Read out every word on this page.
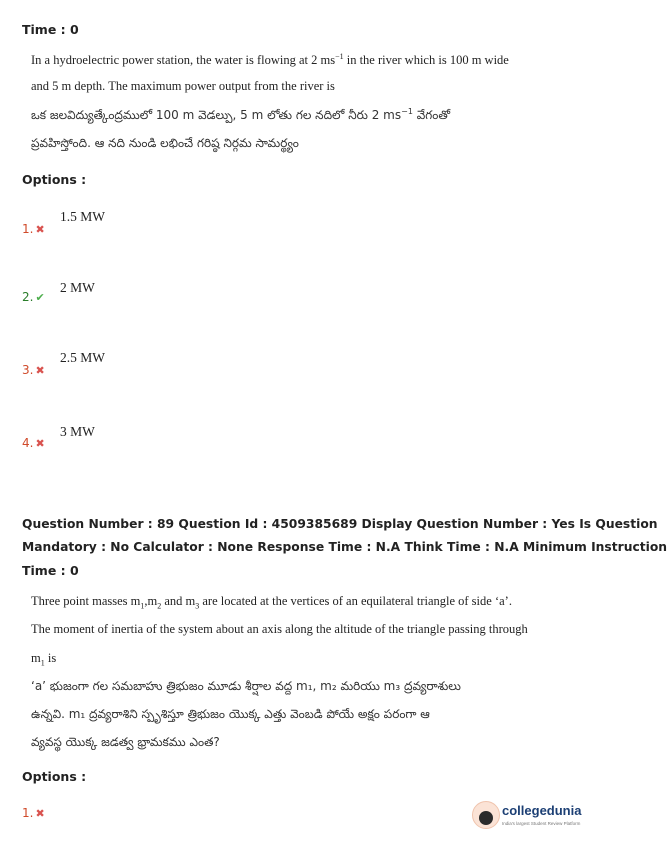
Time : 0
In a hydroelectric power station, the water is flowing at 2 $ms^{-1}$ in the river which is 100 m wide
and 5 m depth. The maximum power output from the river is
ఒక జలవిద్యుత్కేంద్రములో 100 m వెడల్పు, 5 m లోతు గల నదిలో నీరు 2 $ms^{-1}$ వేగంతో
ప్రవహిస్తోంది. ఆ నది నుండి లభించే గరిష్ఠ నిర్గమ సామర్థ్యం
Options :
1.5 MW
1. ✖
2 MW
2. ✔
2.5 MW
3. ✖
3 MW
4. ✖
Question Number : 89 Question Id : 4509385689 Display Question Number : Yes Is Question
Mandatory : No Calculator : None Response Time : N.A Think Time : N.A Minimum Instruction
Time : 0
Three point masses $m_1,m_2$ and $m_3$ are located at the vertices of an equilateral triangle of side ‘a’.
The moment of inertia of the system about an axis along the altitude of the triangle passing through
$m_1$ is
‘a’ భుజంగా గల సమబాహు త్రిభుజం మూడు శీర్షాల వద్ద m₁, m₂ మరియు m₃ ద్రవ్యరాశులు
ఉన్నవి. m₁ ద్రవ్యరాశిని స్పృశిస్తూ త్రిభుజం యొక్క ఎత్తు వెంబడి పోయే అక్షం పరంగా ఆ
వ్యవస్థ యొక్క జడత్వ భ్రామకము ఎంత?
Options :
1. ✖	collegedunia
India's largest Student Review Platform
